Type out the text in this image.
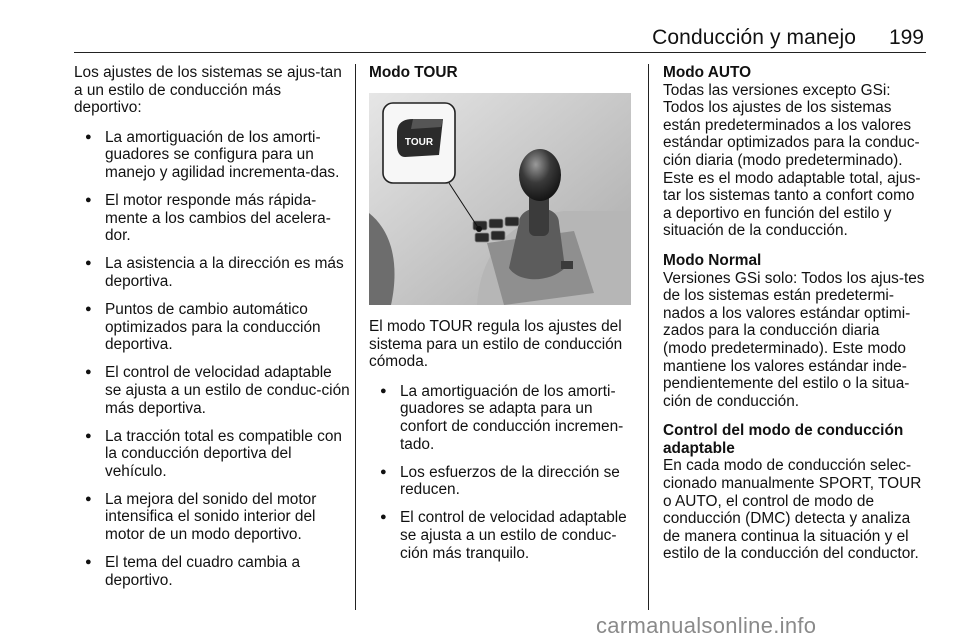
Conducción y manejo 199

Los ajustes de los sistemas se ajus-tan a un estilo de conducción más deportivo:

● La amortiguación de los amorti-guadores se configura para un manejo y agilidad incrementa-das.
● El motor responde más rápida-mente a los cambios del acelera-dor.
● La asistencia a la dirección es más deportiva.
● Puntos de cambio automático optimizados para la conducción deportiva.
● El control de velocidad adaptable se ajusta a un estilo de conduc-ción más deportiva.
● La tracción total es compatible con la conducción deportiva del vehículo.
● La mejora del sonido del motor intensifica el sonido interior del motor de un modo deportivo.
● El tema del cuadro cambia a deportivo.
Modo TOUR

El modo TOUR regula los ajustes del sistema para un estilo de conducción cómoda.

● La amortiguación de los amorti-guadores se adapta para un confort de conducción incremen-tado.
● Los esfuerzos de la dirección se reducen.
● El control de velocidad adaptable se ajusta a un estilo de conduc-ción más tranquilo.
TOUR
Modo AUTO

Todas las versiones excepto GSi: Todos los ajustes de los sistemas están predeterminados a los valores estándar optimizados para la conduc-ción diaria (modo predeterminado). Este es el modo adaptable total, ajus-tar los sistemas tanto a confort como a deportivo en función del estilo y situación de la conducción.

Modo Normal

Versiones GSi solo: Todos los ajus-tes de los sistemas están predetermi-nados a los valores estándar optimi-zados para la conducción diaria (modo predeterminado). Este modo mantiene los valores estándar inde-pendientemente del estilo o la situa-ción de conducción.

Control del modo de conducción adaptable

En cada modo de conducción selec-cionado manualmente SPORT, TOUR o AUTO, el control de modo de conducción (DMC) detecta y analiza de manera continua la situación y el estilo de la conducción del conductor.

carmanualsonline.info
